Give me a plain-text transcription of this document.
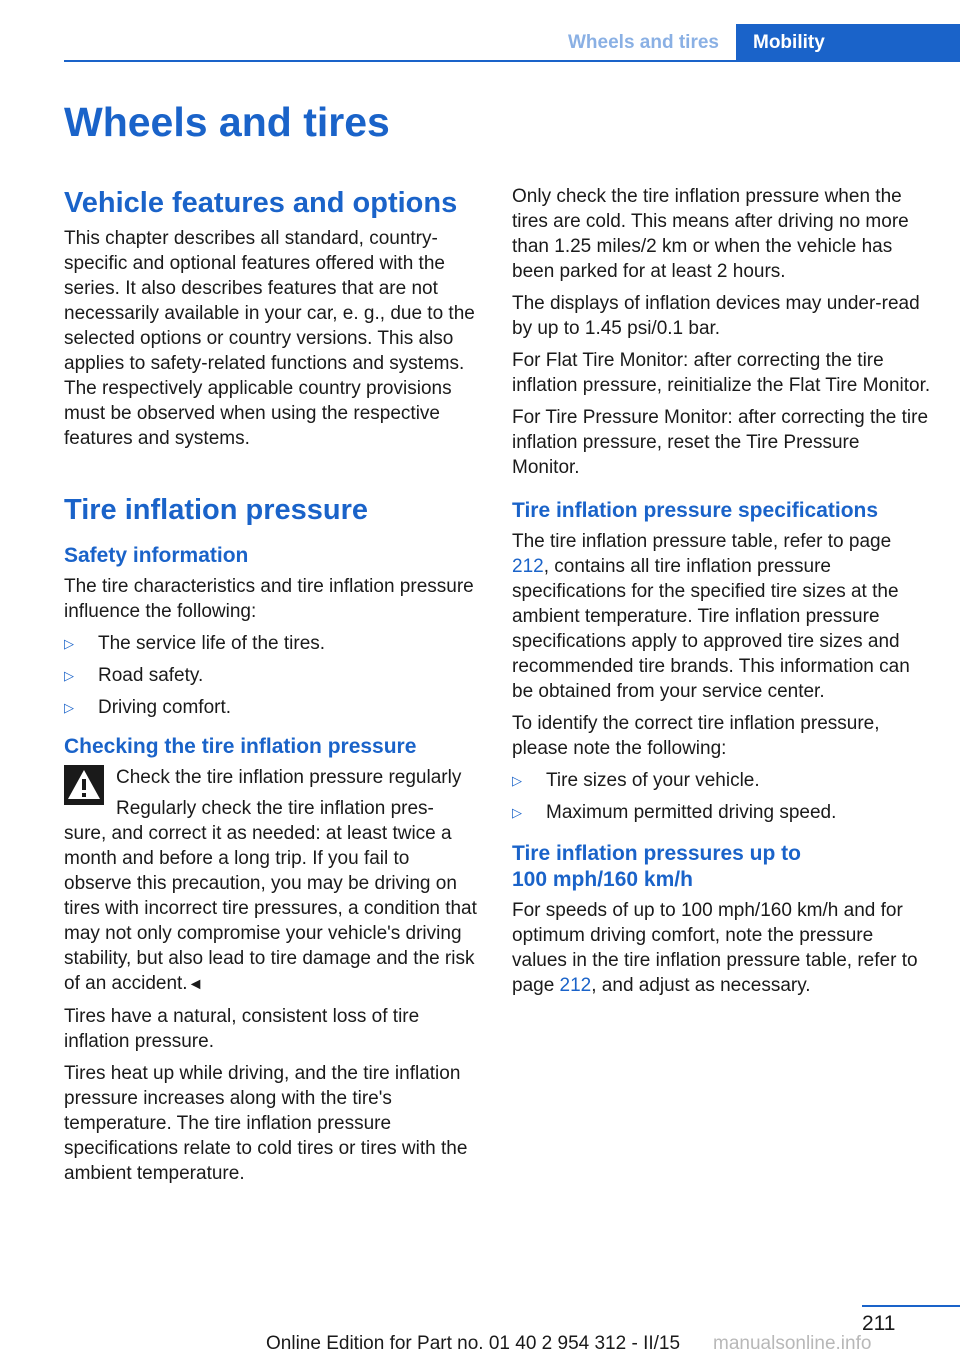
Wheels and tires	Mobility
Wheels and tires
Vehicle features and options

This chapter describes all standard, country-specific and optional features offered with the series. It also describes features that are not necessarily available in your car, e. g., due to the selected options or country versions. This also applies to safety-related functions and systems. The respectively applicable country provisions must be observed when using the respective features and systems.

Tire inflation pressure
Safety information

The tire characteristics and tire inflation pressure influence the following:

▷	The service life of the tires.
▷	Road safety.
▷	Driving comfort.
Checking the tire inflation pressure
Check the tire inflation pressure regularly
Regularly check the tire inflation pres-
sure, and correct it as needed: at least twice a month and before a long trip. If you fail to observe this precaution, you may be driving on tires with incorrect tire pressures, a condition that may not only compromise your vehicle's driving stability, but also lead to tire damage and the risk of an accident.◄

Tires have a natural, consistent loss of tire inflation pressure.

Tires heat up while driving, and the tire inflation pressure increases along with the tire's temperature. The tire inflation pressure specifications relate to cold tires or tires with the ambient temperature.

Only check the tire inflation pressure when the tires are cold. This means after driving no more than 1.25 miles/2 km or when the vehicle has been parked for at least 2 hours.

The displays of inflation devices may under-read by up to 1.45 psi/0.1 bar.

For Flat Tire Monitor: after correcting the tire inflation pressure, reinitialize the Flat Tire Monitor.

For Tire Pressure Monitor: after correcting the tire inflation pressure, reset the Tire Pressure Monitor.

Tire inflation pressure specifications

The tire inflation pressure table, refer to page 212, contains all tire inflation pressure specifications for the specified tire sizes at the ambient temperature. Tire inflation pressure specifications apply to approved tire sizes and recommended tire brands. This information can be obtained from your service center.

To identify the correct tire inflation pressure, please note the following:

▷	Tire sizes of your vehicle.
▷	Maximum permitted driving speed.
Tire inflation pressures up to
100 mph/160 km/h

For speeds of up to 100 mph/160 km/h and for optimum driving comfort, note the pressure values in the tire inflation pressure table, refer to page 212, and adjust as necessary.

211
Online Edition for Part no. 01 40 2 954 312 - II/15 manualsonline.info
